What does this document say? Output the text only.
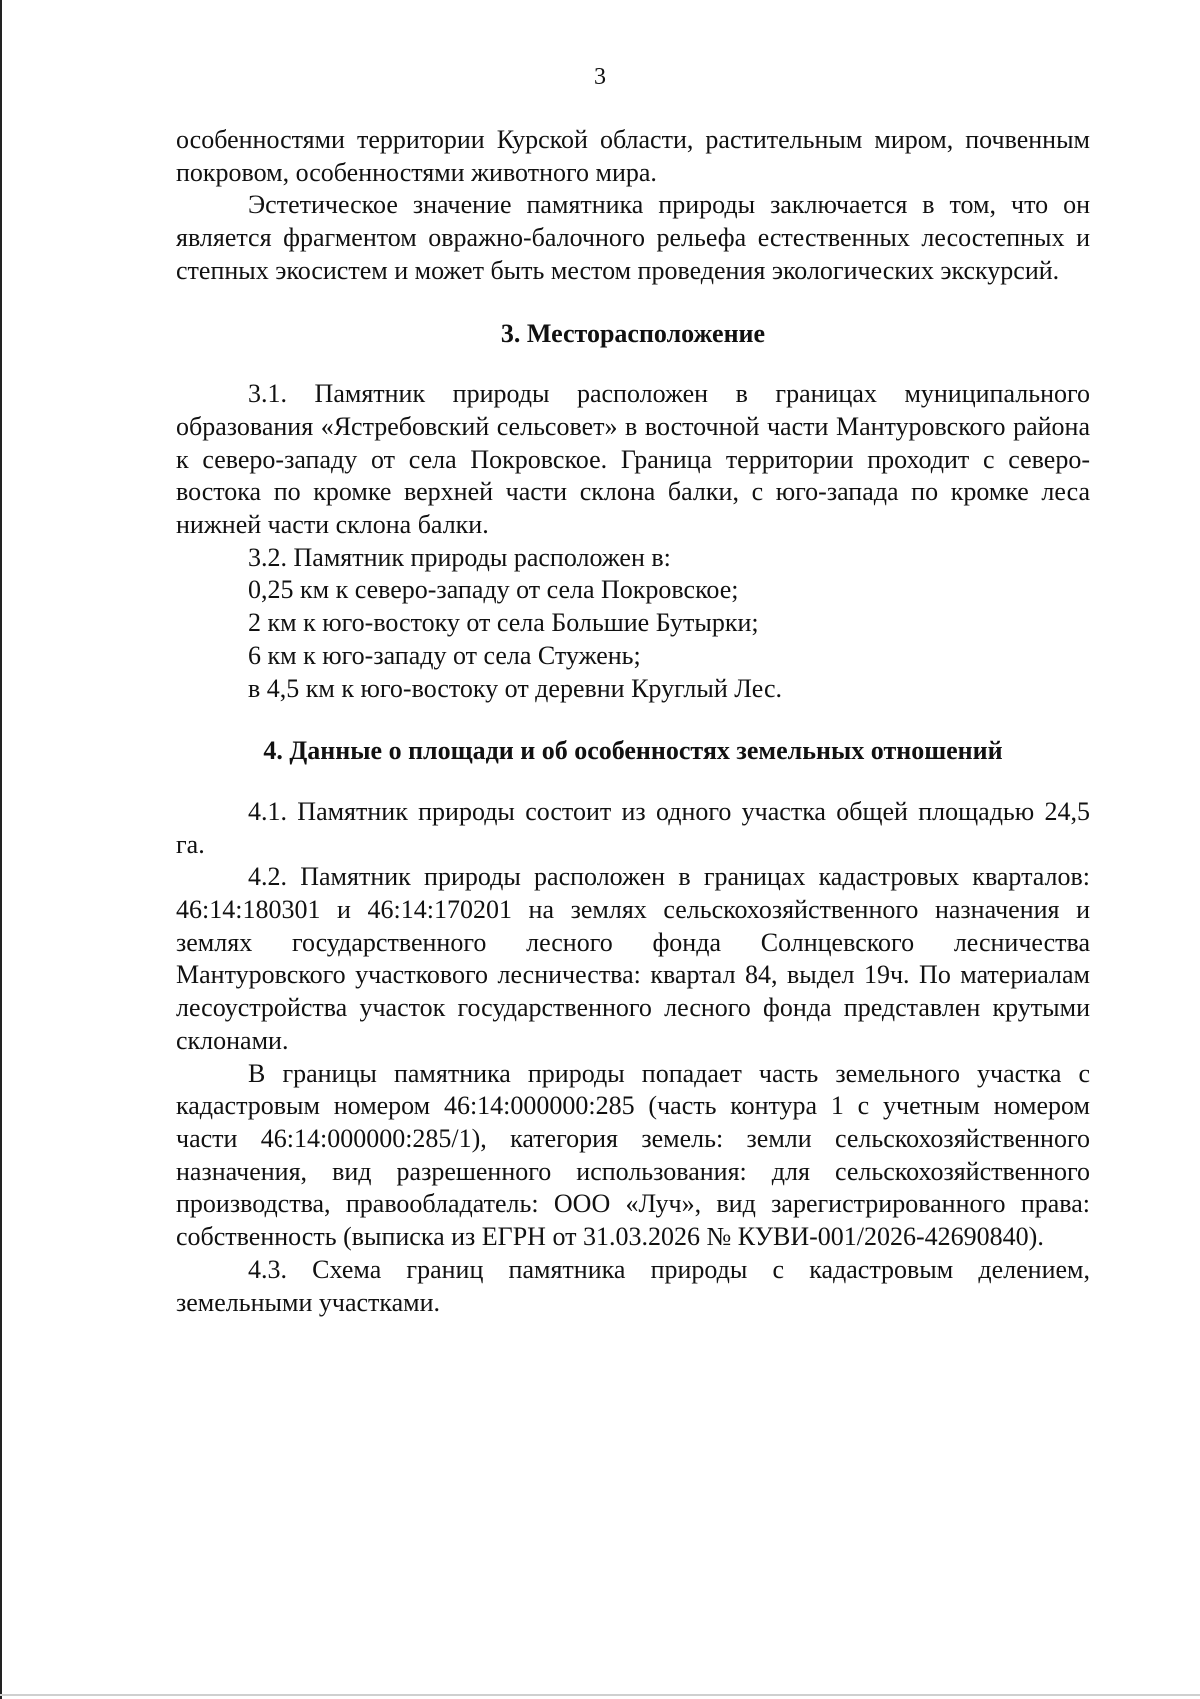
3

особенностями территории Курской области, растительным миром, почвенным покровом, особенностями животного мира.

Эстетическое значение памятника природы заключается в том, что он является фрагментом овражно-балочного рельефа естественных лесостепных и степных экосистем и может быть местом проведения экологических экскурсий.

3. Месторасположение

3.1. Памятник природы расположен в границах муниципального образования «Ястребовский сельсовет» в восточной части Мантуровского района к северо-западу от села Покровское. Граница территории проходит с северо-востока по кромке верхней части склона балки, с юго-запада по кромке леса нижней части склона балки.

3.2. Памятник природы расположен в:

0,25 км к северо-западу от села Покровское;

2 км к юго-востоку от села Большие Бутырки;

6 км к юго-западу от села Стужень;

в 4,5 км к юго-востоку от деревни Круглый Лес.

4. Данные о площади и об особенностях земельных отношений

4.1. Памятник природы состоит из одного участка общей площадью 24,5 га.

4.2. Памятник природы расположен в границах кадастровых кварталов: 46:14:180301 и 46:14:170201 на землях сельскохозяйственного назначения и землях государственного лесного фонда Солнцевского лесничества Мантуровского участкового лесничества: квартал 84, выдел 19ч. По материалам лесоустройства участок государственного лесного фонда представлен крутыми склонами.

В границы памятника природы попадает часть земельного участка с кадастровым номером 46:14:000000:285 (часть контура 1 с учетным номером части 46:14:000000:285/1), категория земель: земли сельскохозяйственного назначения, вид разрешенного использования: для сельскохозяйственного производства, правообладатель: ООО «Луч», вид зарегистрированного права: собственность (выписка из ЕГРН от 31.03.2026 № КУВИ-001/2026-42690840).

4.3. Схема границ памятника природы с кадастровым делением, земельными участками.
